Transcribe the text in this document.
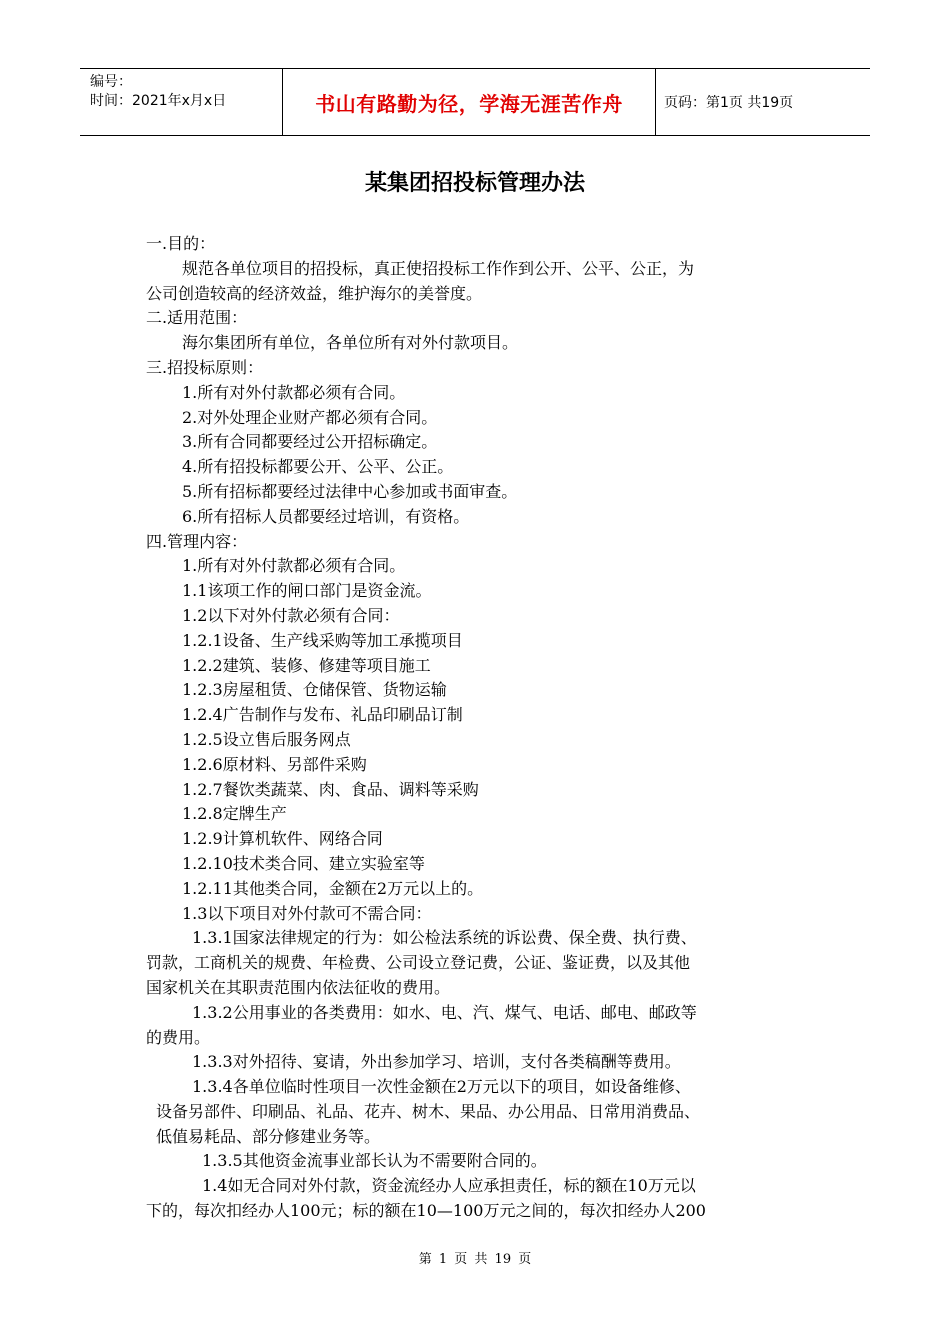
编号：
时间：2021年x月x日	书山有路勤为径，学海无涯苦作舟	页码：第1页 共19页
某集团招投标管理办法

一.目的：

规范各单位项目的招投标，真正使招投标工作作到公开、公平、公正，为

公司创造较高的经济效益，维护海尔的美誉度。

二.适用范围：

海尔集团所有单位，各单位所有对外付款项目。

三.招投标原则：

1.所有对外付款都必须有合同。

2.对外处理企业财产都必须有合同。

3.所有合同都要经过公开招标确定。

4.所有招投标都要公开、公平、公正。

5.所有招标都要经过法律中心参加或书面审查。

6.所有招标人员都要经过培训，有资格。

四.管理内容：

1.所有对外付款都必须有合同。

1.1该项工作的闸口部门是资金流。

1.2以下对外付款必须有合同：

1.2.1设备、生产线采购等加工承揽项目

1.2.2建筑、装修、修建等项目施工

1.2.3房屋租赁、仓储保管、货物运输

1.2.4广告制作与发布、礼品印刷品订制

1.2.5设立售后服务网点

1.2.6原材料、另部件采购

1.2.7餐饮类蔬菜、肉、食品、调料等采购

1.2.8定牌生产

1.2.9计算机软件、网络合同

1.2.10技术类合同、建立实验室等

1.2.11其他类合同，金额在2万元以上的。

1.3以下项目对外付款可不需合同：

1.3.1国家法律规定的行为：如公检法系统的诉讼费、保全费、执行费、

罚款，工商机关的规费、年检费、公司设立登记费，公证、鉴证费，以及其他

国家机关在其职责范围内依法征收的费用。

1.3.2公用事业的各类费用：如水、电、汽、煤气、电话、邮电、邮政等

的费用。

1.3.3对外招待、宴请，外出参加学习、培训，支付各类稿酬等费用。

1.3.4各单位临时性项目一次性金额在2万元以下的项目，如设备维修、

设备另部件、印刷品、礼品、花卉、树木、果品、办公用品、日常用消费品、

低值易耗品、部分修建业务等。

1.3.5其他资金流事业部长认为不需要附合同的。

1.4如无合同对外付款，资金流经办人应承担责任，标的额在10万元以

下的，每次扣经办人100元；标的额在10—100万元之间的，每次扣经办人200

第 1 页 共 19 页
